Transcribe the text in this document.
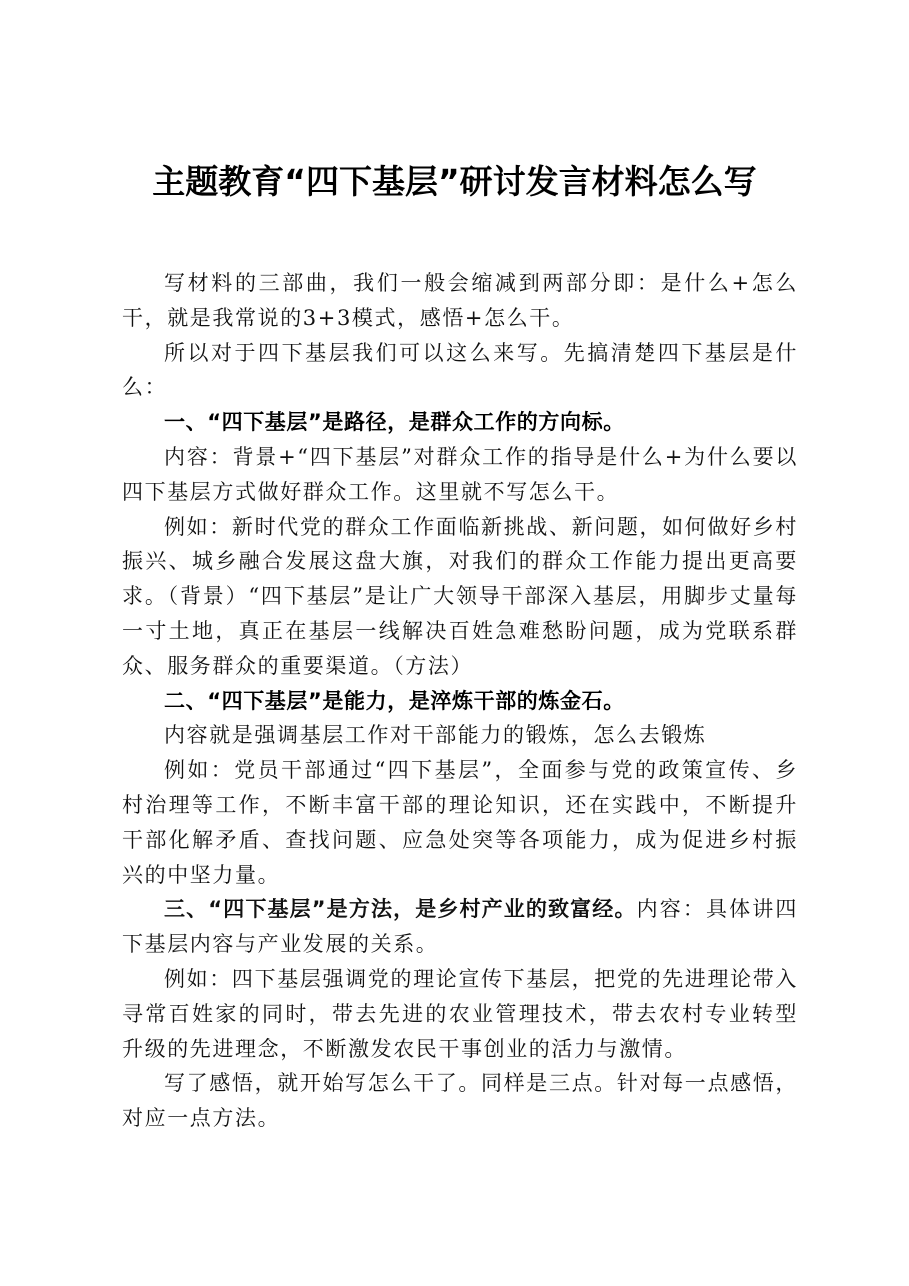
主题教育“四下基层”研讨发言材料怎么写

写材料的三部曲，我们一般会缩减到两部分即：是什么+怎么干，就是我常说的3+3模式，感悟+怎么干。

所以对于四下基层我们可以这么来写。先搞清楚四下基层是什么：

一、“四下基层”是路径，是群众工作的方向标。

内容：背景+“四下基层”对群众工作的指导是什么+为什么要以四下基层方式做好群众工作。这里就不写怎么干。

例如：新时代党的群众工作面临新挑战、新问题，如何做好乡村振兴、城乡融合发展这盘大旗，对我们的群众工作能力提出更高要求。（背景）“四下基层”是让广大领导干部深入基层，用脚步丈量每一寸土地，真正在基层一线解决百姓急难愁盼问题，成为党联系群众、服务群众的重要渠道。（方法）

二、“四下基层”是能力，是淬炼干部的炼金石。

内容就是强调基层工作对干部能力的锻炼，怎么去锻炼

例如：党员干部通过“四下基层”，全面参与党的政策宣传、乡村治理等工作，不断丰富干部的理论知识，还在实践中，不断提升干部化解矛盾、查找问题、应急处突等各项能力，成为促进乡村振兴的中坚力量。

三、“四下基层”是方法，是乡村产业的致富经。内容：具体讲四下基层内容与产业发展的关系。

例如：四下基层强调党的理论宣传下基层，把党的先进理论带入寻常百姓家的同时，带去先进的农业管理技术，带去农村专业转型升级的先进理念，不断激发农民干事创业的活力与激情。

写了感悟，就开始写怎么干了。同样是三点。针对每一点感悟，对应一点方法。
